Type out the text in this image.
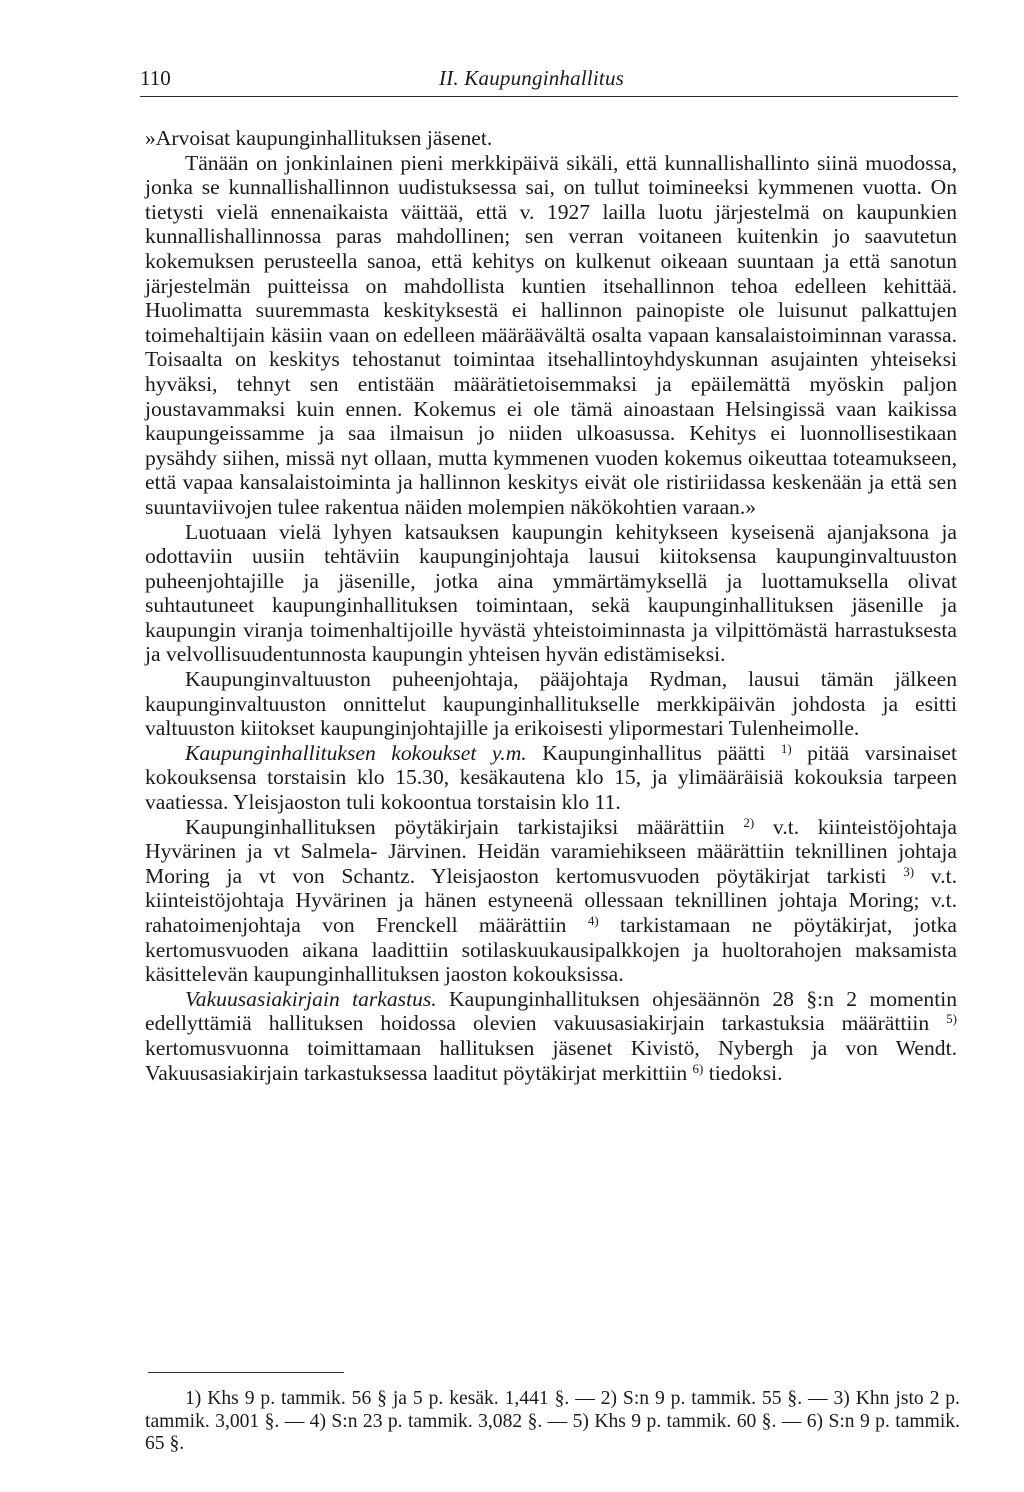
110	II. Kaupunginhallitus

»Arvoisat kaupunginhallituksen jäsenet.

Tänään on jonkinlainen pieni merkkipäivä sikäli, että kunnallishallinto siinä muodossa, jonka se kunnallishallinnon uudistuksessa sai, on tullut toimineeksi kymmenen vuotta. On tietysti vielä ennenaikaista väittää, että v. 1927 lailla luotu järjestelmä on kaupunkien kunnallishallinnossa paras mahdollinen; sen verran voitaneen kuitenkin jo saavutetun kokemuksen perusteella sanoa, että kehitys on kulkenut oikeaan suuntaan ja että sanotun järjestelmän puitteissa on mahdollista kuntien itsehallinnon tehoa edelleen kehittää. Huolimatta suuremmasta keskityksestä ei hallinnon painopiste ole luisunut palkattujen toimehaltijain käsiin vaan on edelleen määräävältä osalta vapaan kansalaistoiminnan varassa. Toisaalta on keskitys tehostanut toimintaa itsehallintoyhdyskunnan asujainten yhteiseksi hyväksi, tehnyt sen entistään määrätietoisemmaksi ja epäilemättä myöskin paljon joustavammaksi kuin ennen. Kokemus ei ole tämä ainoastaan Helsingissä vaan kaikissa kaupungeissamme ja saa ilmaisun jo niiden ulkoasussa. Kehitys ei luonnollisestikaan pysähdy siihen, missä nyt ollaan, mutta kymmenen vuoden kokemus oikeuttaa toteamukseen, että vapaa kansalaistoiminta ja hallinnon keskitys eivät ole ristiriidassa keskenään ja että sen suuntaviivojen tulee rakentua näiden molempien näkökohtien varaan.»

Luotuaan vielä lyhyen katsauksen kaupungin kehitykseen kyseisenä ajanjaksona ja odottaviin uusiin tehtäviin kaupunginjohtaja lausui kiitoksensa kaupunginvaltuuston puheenjohtajille ja jäsenille, jotka aina ymmärtämyksellä ja luottamuksella olivat suhtautuneet kaupunginhallituksen toimintaan, sekä kaupunginhallituksen jäsenille ja kaupungin viranja toimenhaltijoille hyvästä yhteistoiminnasta ja vilpittömästä harrastuksesta ja velvollisuudentunnosta kaupungin yhteisen hyvän edistämiseksi.

Kaupunginvaltuuston puheenjohtaja, pääjohtaja Rydman, lausui tämän jälkeen kaupunginvaltuuston onnittelut kaupunginhallitukselle merkkipäivän johdosta ja esitti valtuuston kiitokset kaupunginjohtajille ja erikoisesti ylipormestari Tulenheimolle.

Kaupunginhallituksen kokoukset y.m. Kaupunginhallitus päätti $^{1)}$ pitää varsinaiset kokouksensa torstaisin klo 15.30, kesäkautena klo 15, ja ylimääräisiä kokouksia tarpeen vaatiessa. Yleisjaoston tuli kokoontua torstaisin klo 11.

Kaupunginhallituksen pöytäkirjain tarkistajiksi määrättiin $^{2)}$ v.t. kiinteistöjohtaja Hyvärinen ja vt Salmela- Järvinen. Heidän varamiehikseen määrättiin teknillinen johtaja Moring ja vt von Schantz. Yleisjaoston kertomusvuoden pöytäkirjat tarkisti $^{3)}$ v.t. kiinteistöjohtaja Hyvärinen ja hänen estyneenä ollessaan teknillinen johtaja Moring; v.t. rahatoimenjohtaja von Frenckell määrättiin $^{4)}$ tarkistamaan ne pöytäkirjat, jotka kertomusvuoden aikana laadittiin sotilaskuukausipalkkojen ja huoltorahojen maksamista käsittelevän kaupunginhallituksen jaoston kokouksissa.

Vakuusasiakirjain tarkastus. Kaupunginhallituksen ohjesäännön 28 §:n 2 momentin edellyttämiä hallituksen hoidossa olevien vakuusasiakirjain tarkastuksia määrättiin $^{5)}$ kertomusvuonna toimittamaan hallituksen jäsenet Kivistö, Nybergh ja von Wendt. Vakuusasiakirjain tarkastuksessa laaditut pöytäkirjat merkittiin $^{6)}$ tiedoksi.

1) Khs 9 p. tammik. 56 § ja 5 p. kesäk. 1,441 §. — 2) S:n 9 p. tammik. 55 §. — 3) Khn jsto 2 p. tammik. 3,001 §. — 4) S:n 23 p. tammik. 3,082 §. — 5) Khs 9 p. tammik. 60 §. — 6) S:n 9 p. tammik. 65 §.
